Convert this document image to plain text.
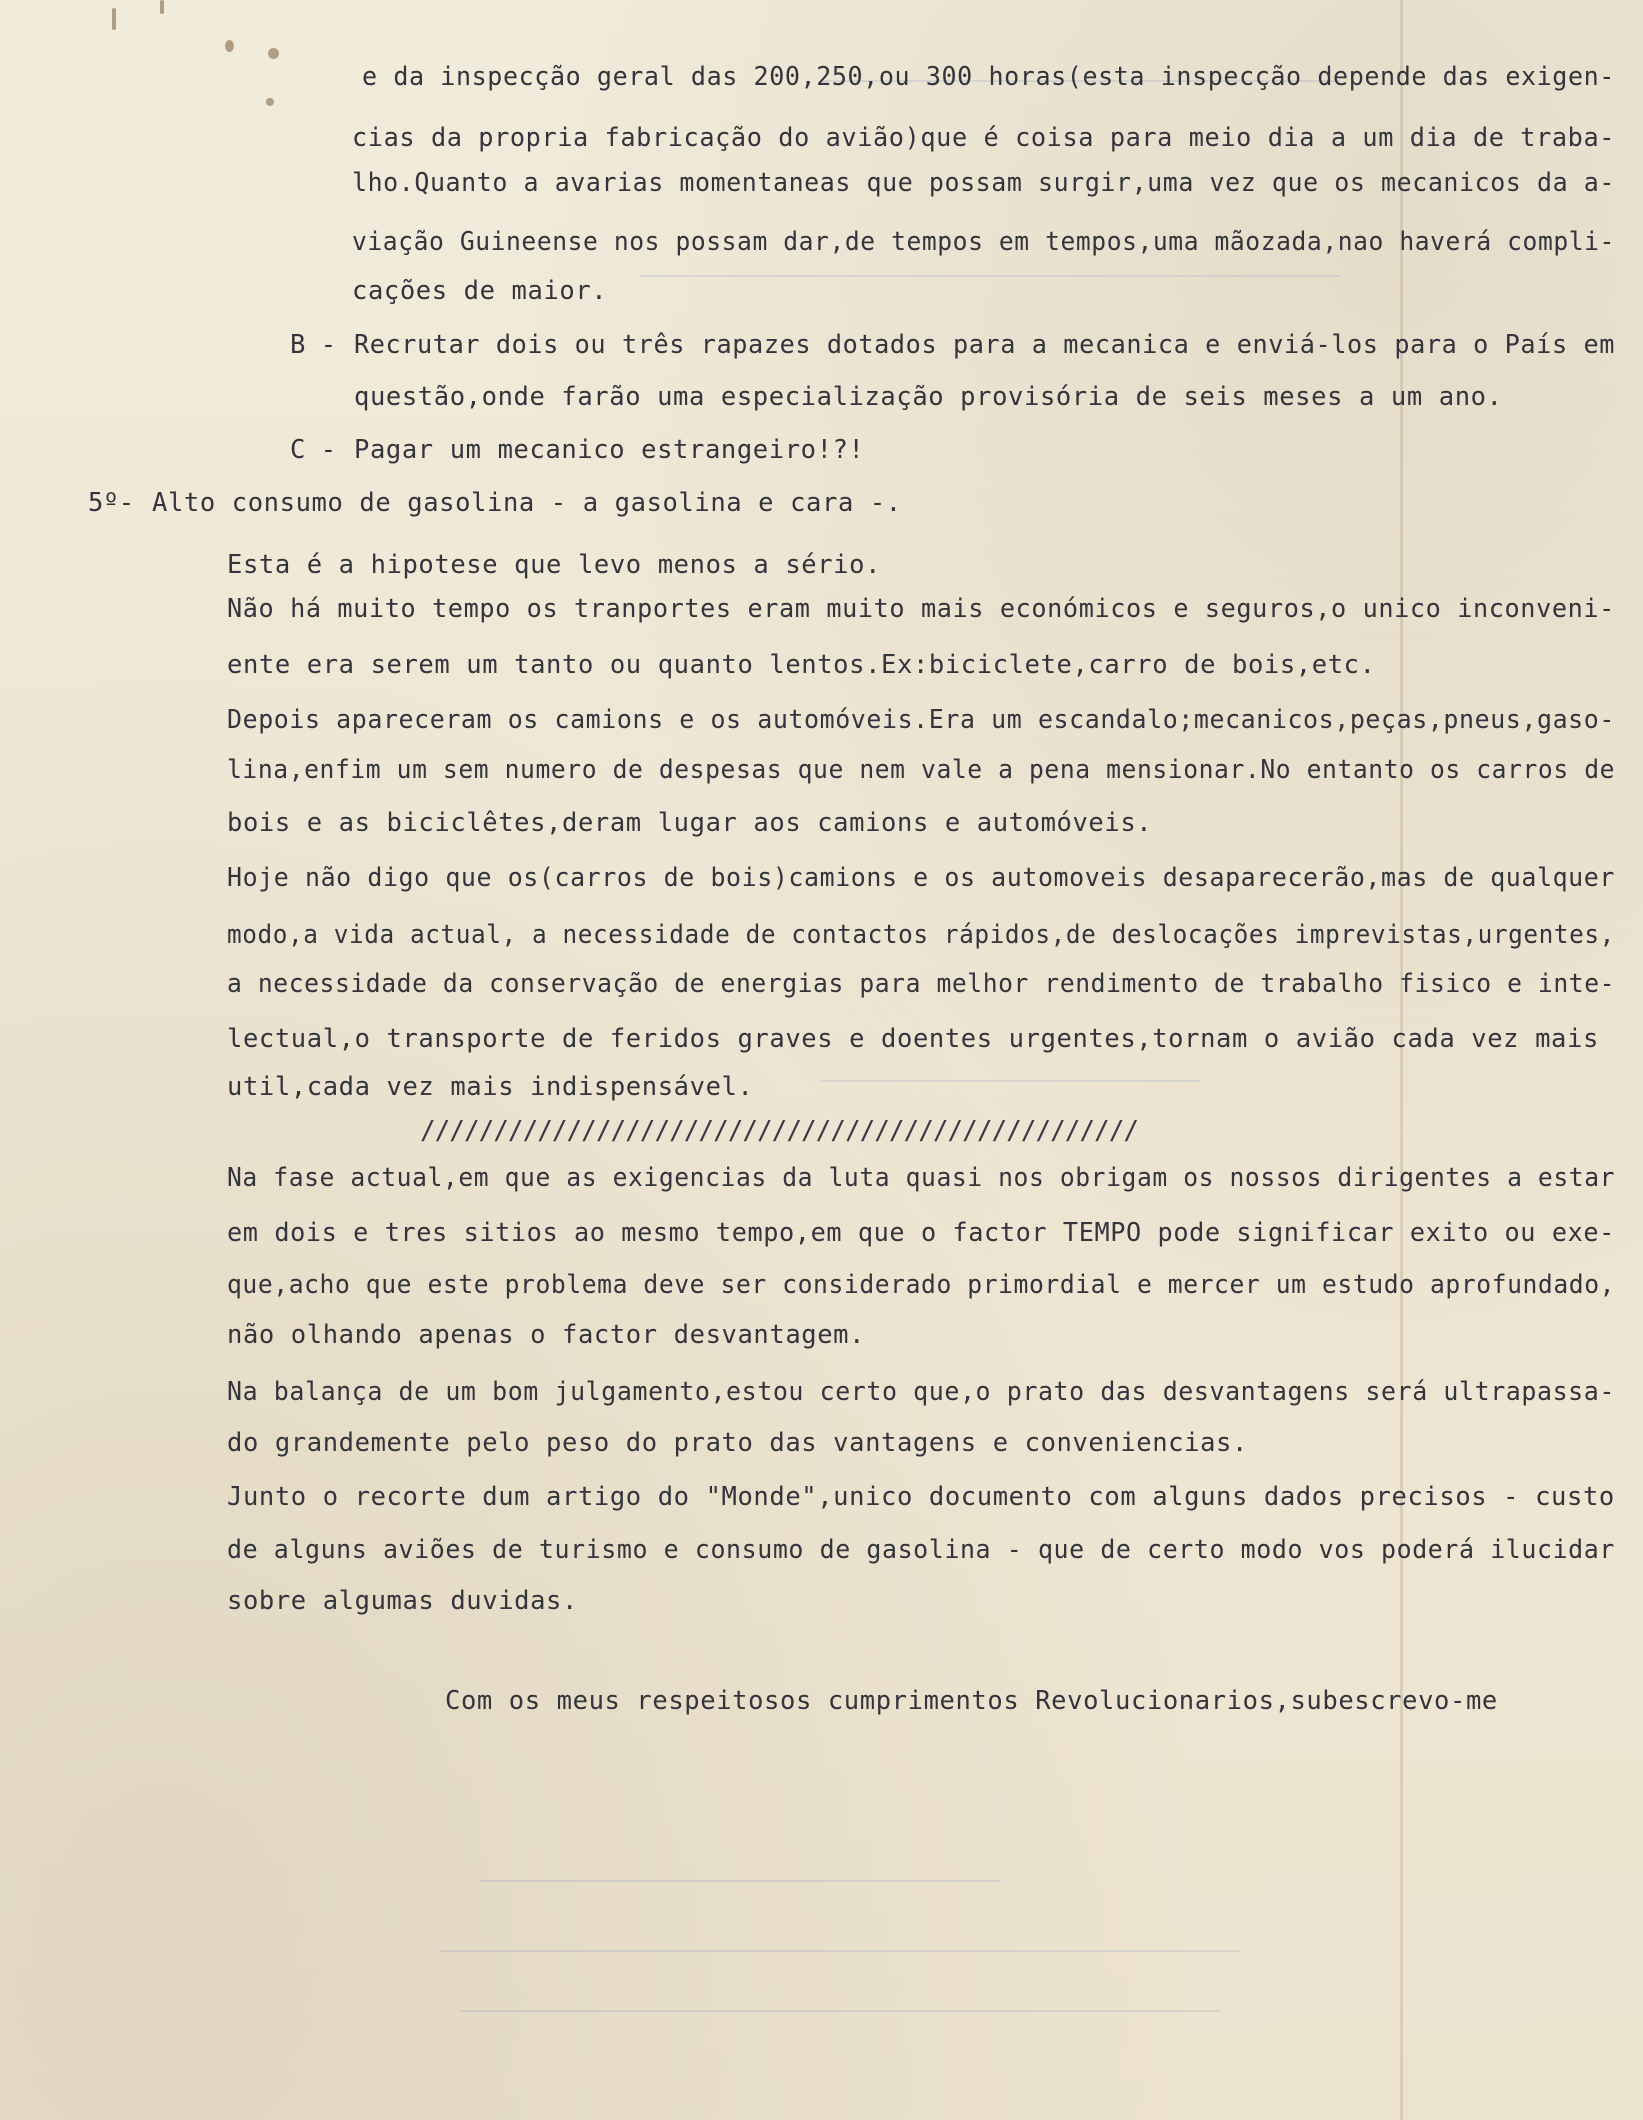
e da inspecção geral das 200,250,ou 300 horas(esta inspecção depende das exigen-
cias da propria fabricação do avião)que é coisa para meio dia a um dia de traba-
lho.Quanto a avarias momentaneas que possam surgir,uma vez que os mecanicos da a-
viação Guineense nos possam dar,de tempos em tempos,uma mãozada,nao haverá compli-
cações de maior.
B - Recrutar dois ou três rapazes dotados para a mecanica e enviá-los para o País em
questão,onde farão uma especialização provisória de seis meses a um ano.
C - Pagar um mecanico estrangeiro!?!
5º- Alto consumo de gasolina - a gasolina e cara -.
Esta é a hipotese que levo menos a sério.
Não há muito tempo os tranportes eram muito mais económicos e seguros,o unico inconveni-
ente era serem um tanto ou quanto lentos.Ex:biciclete,carro de bois,etc.
Depois apareceram os camions e os automóveis.Era um escandalo;mecanicos,peças,pneus,gaso-
lina,enfim um sem numero de despesas que nem vale a pena mensionar.No entanto os carros de
bois e as biciclêtes,deram lugar aos camions e automóveis.
Hoje não digo que os(carros de bois)camions e os automoveis desaparecerão,mas de qualquer
modo,a vida actual, a necessidade de contactos rápidos,de deslocações imprevistas,urgentes,
a necessidade da conservação de energias para melhor rendimento de trabalho fisico e inte-
lectual,o transporte de feridos graves e doentes urgentes,tornam o avião cada vez mais
util,cada vez mais indispensável.
/////////////////////////////////////////////////
Na fase actual,em que as exigencias da luta quasi nos obrigam os nossos dirigentes a estar
em dois e tres sitios ao mesmo tempo,em que o factor TEMPO pode significar exito ou exe-
que,acho que este problema deve ser considerado primordial e mercer um estudo aprofundado,
não olhando apenas o factor desvantagem.
Na balança de um bom julgamento,estou certo que,o prato das desvantagens será ultrapassa-
do grandemente pelo peso do prato das vantagens e conveniencias.
Junto o recorte dum artigo do "Monde",unico documento com alguns dados precisos - custo
de alguns aviões de turismo e consumo de gasolina - que de certo modo vos poderá ilucidar
sobre algumas duvidas.
Com os meus respeitosos cumprimentos Revolucionarios,subescrevo-me
